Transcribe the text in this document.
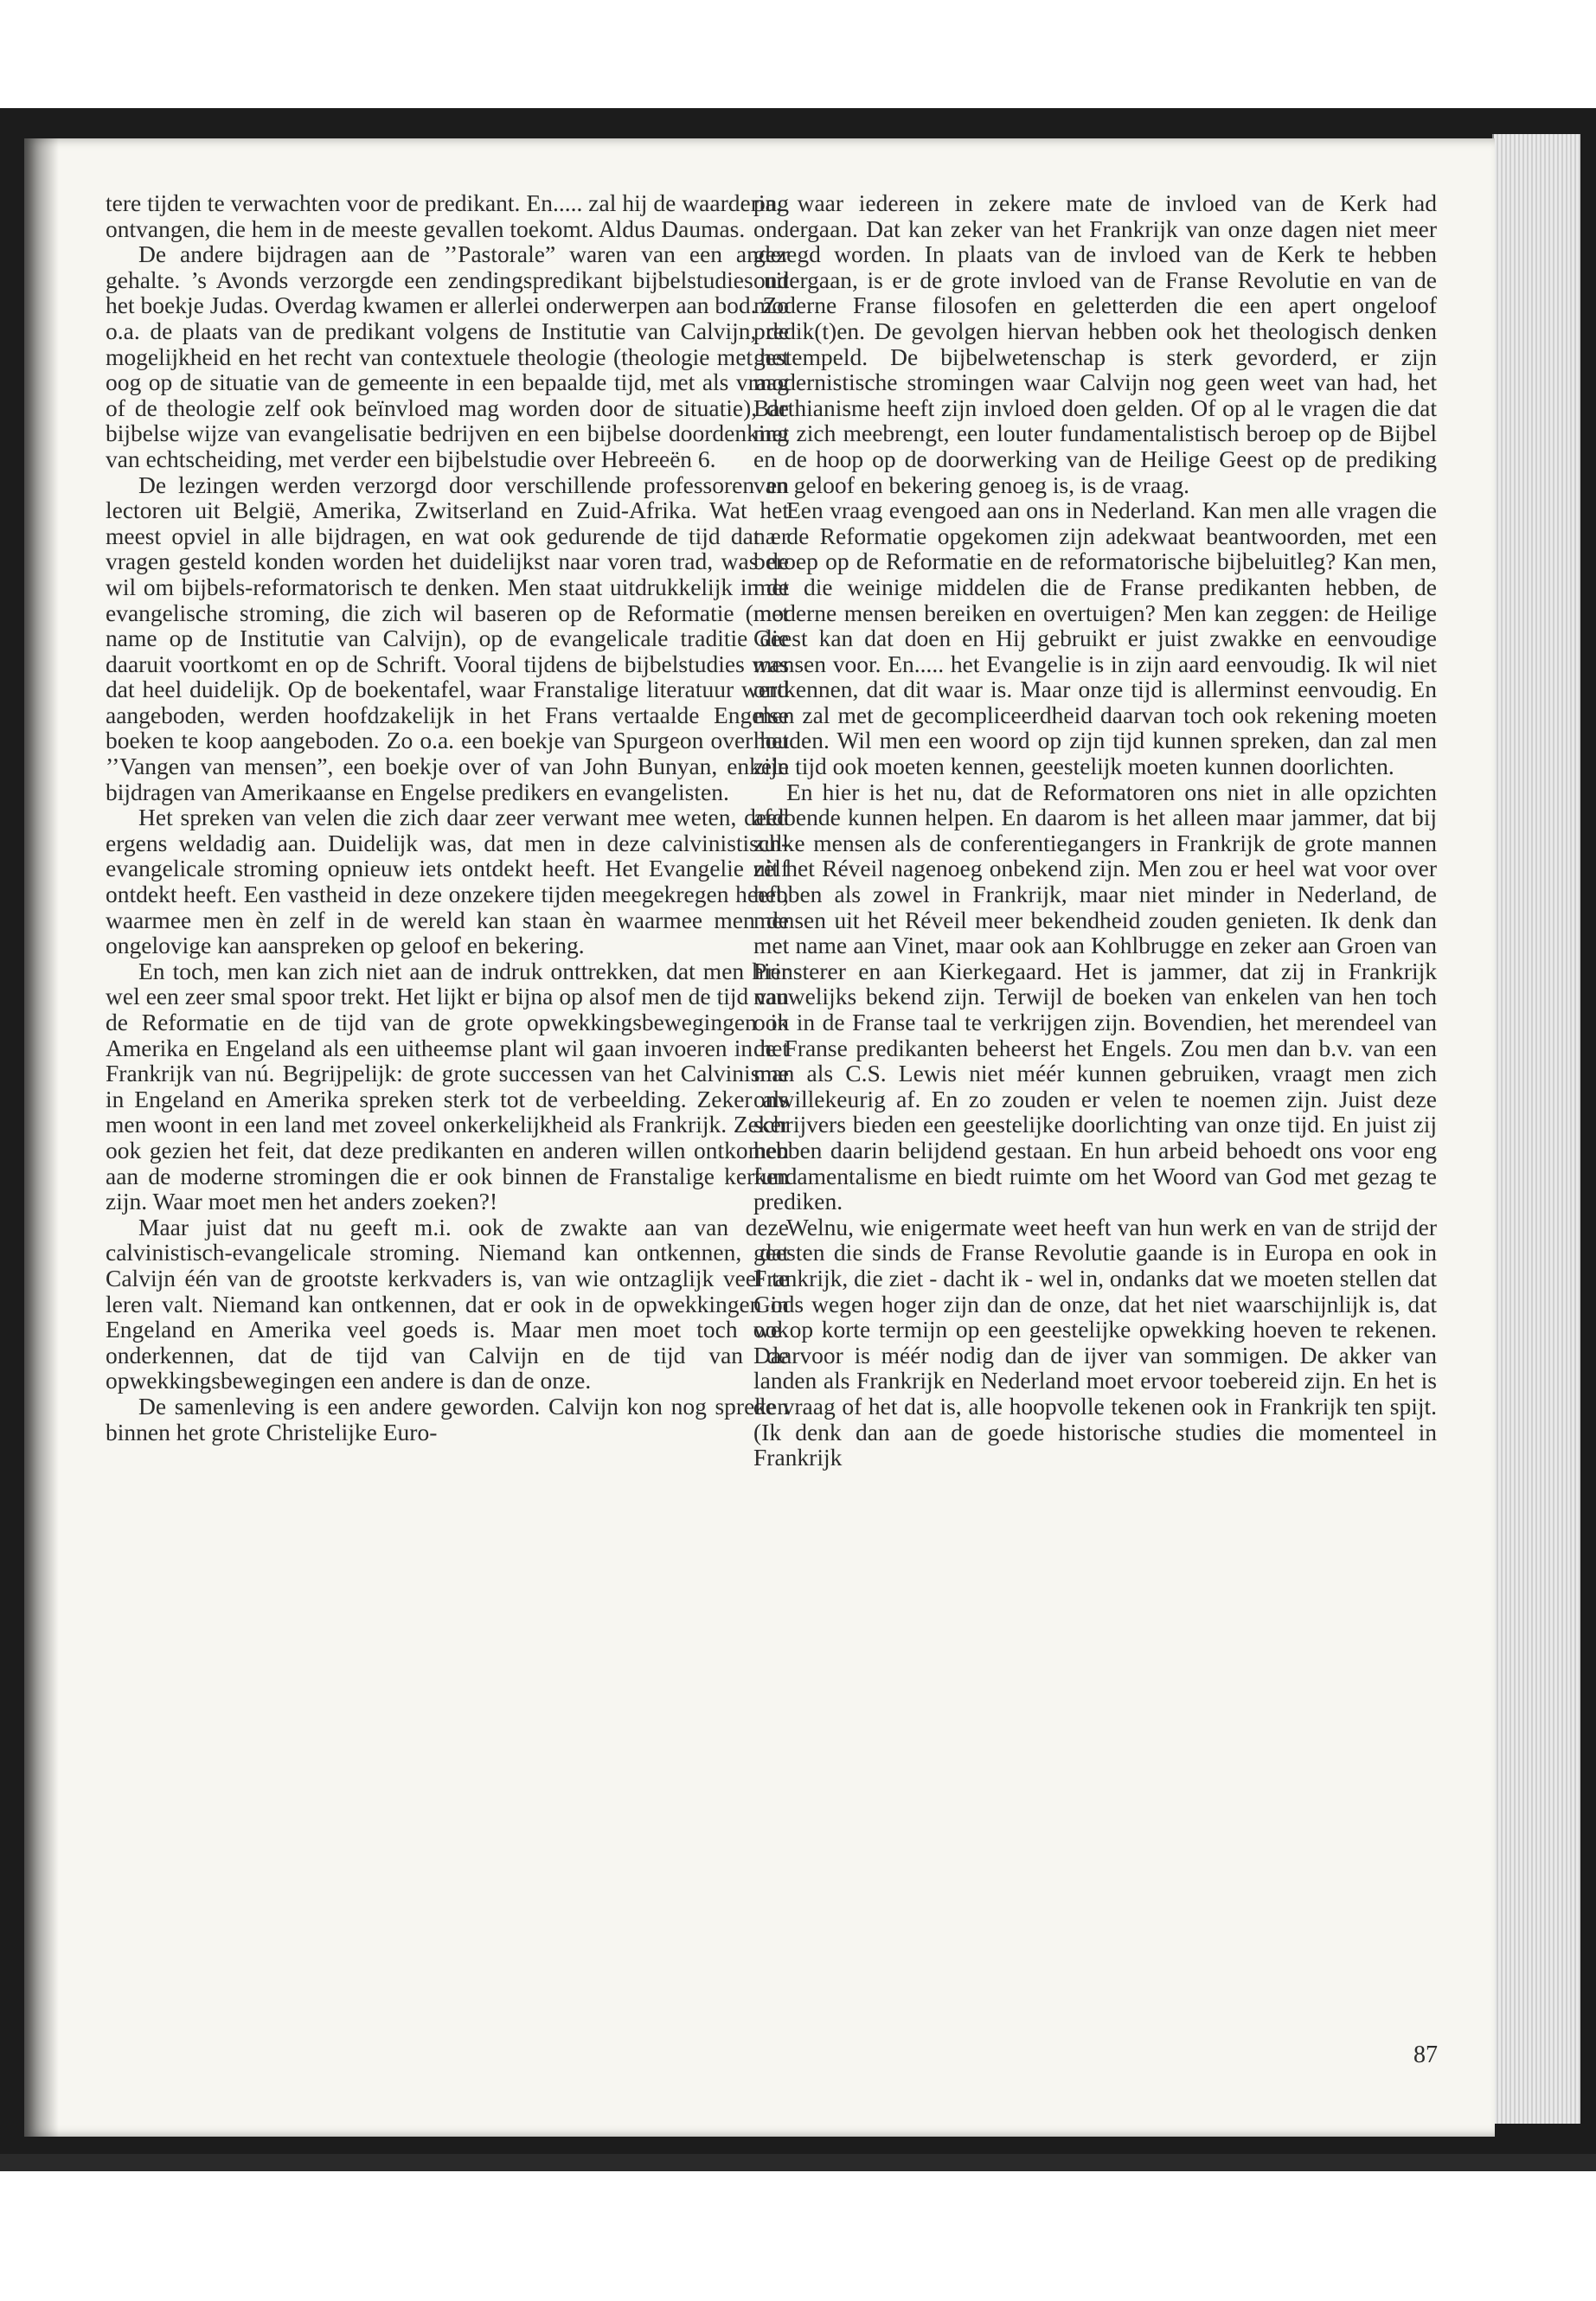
tere tijden te verwachten voor de predikant. En..... zal hij de waardering ontvangen, die hem in de meeste gevallen toekomt. Aldus Daumas.

De andere bijdragen aan de ’’Pastorale” waren van een ander gehalte. ’s Avonds verzorgde een zendingspredikant bijbelstudies uit het boekje Judas. Overdag kwamen er allerlei onderwerpen aan bod. Zo o.a. de plaats van de predikant volgens de Institutie van Calvijn, de mogelijkheid en het recht van contextuele theologie (theologie met het oog op de situatie van de gemeente in een bepaalde tijd, met als vraag of de theologie zelf ook beïnvloed mag worden door de situatie), de bijbelse wijze van evangelisatie bedrijven en een bijbelse doordenking van echtscheiding, met verder een bijbelstudie over Hebreeën 6.

De lezingen werden verzorgd door verschillende professoren en lectoren uit België, Amerika, Zwitserland en Zuid-Afrika. Wat het meest opviel in alle bijdragen, en wat ook gedurende de tijd dat er vragen gesteld konden worden het duidelijkst naar voren trad, was de wil om bijbels-reformatorisch te denken. Men staat uitdrukkelijk in de evangelische stroming, die zich wil baseren op de Reformatie (met name op de Institutie van Calvijn), op de evangelicale traditie die daaruit voortkomt en op de Schrift. Vooral tijdens de bijbelstudies was dat heel duidelijk. Op de boekentafel, waar Franstalige literatuur werd aangeboden, werden hoofdzakelijk in het Frans vertaalde Engelse boeken te koop aangeboden. Zo o.a. een boekje van Spurgeon over het ’’Vangen van mensen”, een boekje over of van John Bunyan, enkele bijdragen van Amerikaanse en Engelse predikers en evangelisten.

Het spreken van velen die zich daar zeer verwant mee weten, deed ergens weldadig aan. Duidelijk was, dat men in deze calvinistisch-evangelicale stroming opnieuw iets ontdekt heeft. Het Evangelie zèlf ontdekt heeft. Een vastheid in deze onzekere tijden meegekregen heeft, waarmee men èn zelf in de wereld kan staan èn waarmee men de ongelovige kan aanspreken op geloof en bekering.

En toch, men kan zich niet aan de indruk onttrekken, dat men hier wel een zeer smal spoor trekt. Het lijkt er bijna op alsof men de tijd van de Reformatie en de tijd van de grote opwekkingsbewegingen in Amerika en Engeland als een uitheemse plant wil gaan invoeren in het Frankrijk van nú. Begrijpelijk: de grote successen van het Calvinisme in Engeland en Amerika spreken sterk tot de verbeelding. Zeker als men woont in een land met zoveel onkerkelijkheid als Frankrijk. Zeker ook gezien het feit, dat deze predikanten en anderen willen ontkomen aan de moderne stromingen die er ook binnen de Franstalige kerken zijn. Waar moet men het anders zoeken?!

Maar juist dat nu geeft m.i. ook de zwakte aan van deze calvinistisch-evangelicale stroming. Niemand kan ontkennen, dat Calvijn één van de grootste kerkvaders is, van wie ontzaglijk veel te leren valt. Niemand kan ontkennen, dat er ook in de opwekkingen in Engeland en Amerika veel goeds is. Maar men moet toch ook onderkennen, dat de tijd van Calvijn en de tijd van de opwekkingsbewegingen een andere is dan de onze.

De samenleving is een andere geworden. Calvijn kon nog spreken binnen het grote Christelijke Euro-

pa, waar iedereen in zekere mate de invloed van de Kerk had ondergaan. Dat kan zeker van het Frankrijk van onze dagen niet meer gezegd worden. In plaats van de invloed van de Kerk te hebben ondergaan, is er de grote invloed van de Franse Revolutie en van de moderne Franse filosofen en geletterden die een apert ongeloof predik(t)en. De gevolgen hiervan hebben ook het theologisch denken gestempeld. De bijbelwetenschap is sterk gevorderd, er zijn modernistische stromingen waar Calvijn nog geen weet van had, het Barthianisme heeft zijn invloed doen gelden. Of op al le vragen die dat met zich meebrengt, een louter fundamentalistisch beroep op de Bijbel en de hoop op de doorwerking van de Heilige Geest op de prediking van geloof en bekering genoeg is, is de vraag.

Een vraag evengoed aan ons in Nederland. Kan men alle vragen die na de Reformatie opgekomen zijn adekwaat beantwoorden, met een beroep op de Reformatie en de reformatorische bijbeluitleg? Kan men, met die weinige middelen die de Franse predikanten hebben, de moderne mensen bereiken en overtuigen? Men kan zeggen: de Heilige Geest kan dat doen en Hij gebruikt er juist zwakke en eenvoudige mensen voor. En..... het Evangelie is in zijn aard eenvoudig. Ik wil niet ontkennen, dat dit waar is. Maar onze tijd is allerminst eenvoudig. En men zal met de gecompliceerdheid daarvan toch ook rekening moeten houden. Wil men een woord op zijn tijd kunnen spreken, dan zal men zijn tijd ook moeten kennen, geestelijk moeten kunnen doorlichten.

En hier is het nu, dat de Reformatoren ons niet in alle opzichten afdoende kunnen helpen. En daarom is het alleen maar jammer, dat bij zulke mensen als de conferentiegangers in Frankrijk de grote mannen uit het Réveil nagenoeg onbekend zijn. Men zou er heel wat voor over hebben als zowel in Frankrijk, maar niet minder in Nederland, de mensen uit het Réveil meer bekendheid zouden genieten. Ik denk dan met name aan Vinet, maar ook aan Kohlbrugge en zeker aan Groen van Prinsterer en aan Kierkegaard. Het is jammer, dat zij in Frankrijk nauwelijks bekend zijn. Terwijl de boeken van enkelen van hen toch ook in de Franse taal te verkrijgen zijn. Bovendien, het merendeel van de Franse predikanten beheerst het Engels. Zou men dan b.v. van een man als C.S. Lewis niet méér kunnen gebruiken, vraagt men zich onwillekeurig af. En zo zouden er velen te noemen zijn. Juist deze schrijvers bieden een geestelijke doorlichting van onze tijd. En juist zij hebben daarin belijdend gestaan. En hun arbeid behoedt ons voor eng fundamentalisme en biedt ruimte om het Woord van God met gezag te prediken.

Welnu, wie enigermate weet heeft van hun werk en van de strijd der geesten die sinds de Franse Revolutie gaande is in Europa en ook in Frankrijk, die ziet - dacht ik - wel in, ondanks dat we moeten stellen dat Gods wegen hoger zijn dan de onze, dat het niet waarschijnlijk is, dat we op korte termijn op een geestelijke opwekking hoeven te rekenen. Daarvoor is méér nodig dan de ijver van sommigen. De akker van landen als Frankrijk en Nederland moet ervoor toebereid zijn. En het is de vraag of het dat is, alle hoopvolle tekenen ook in Frankrijk ten spijt. (Ik denk dan aan de goede historische studies die momenteel in Frankrijk

87
